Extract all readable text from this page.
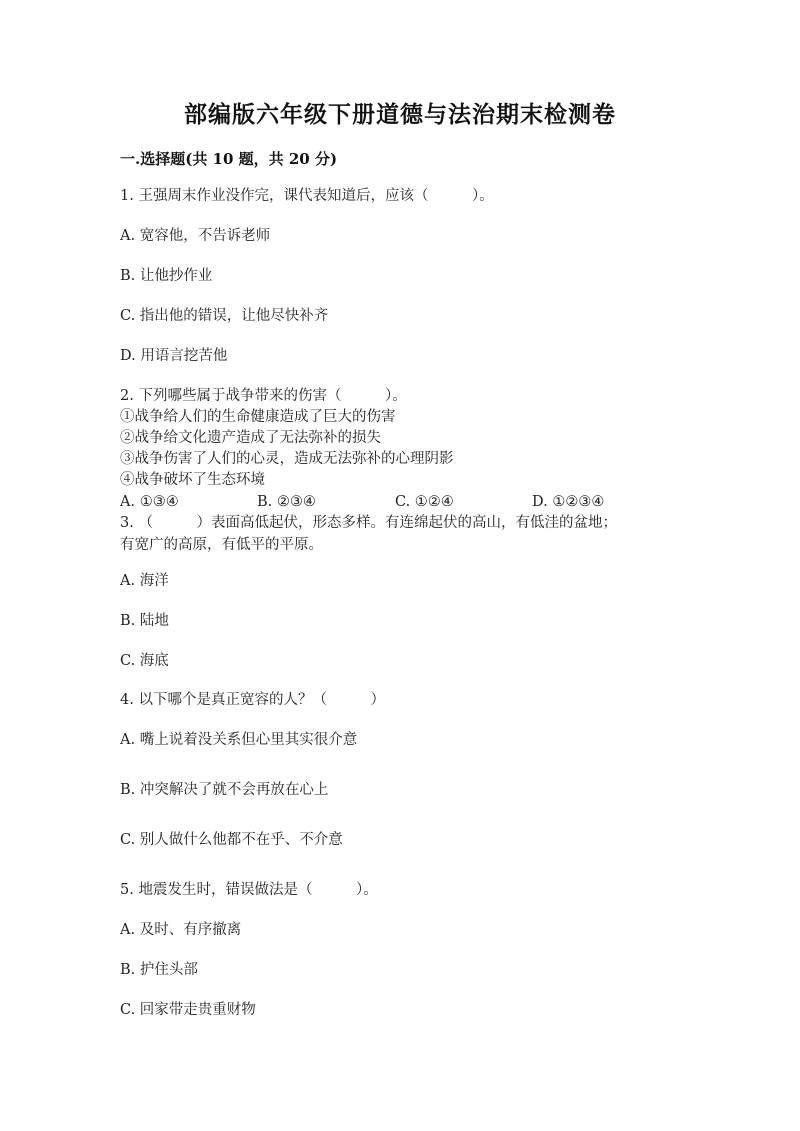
部编版六年级下册道德与法治期末检测卷
一.选择题(共 10 题，共 20 分)
1. 王强周末作业没作完，课代表知道后，应该（　　　）。
A. 宽容他，不告诉老师
B. 让他抄作业
C. 指出他的错误，让他尽快补齐
D. 用语言挖苦他
2. 下列哪些属于战争带来的伤害（　　　）。
①战争给人们的生命健康造成了巨大的伤害
②战争给文化遗产造成了无法弥补的损失
③战争伤害了人们的心灵，造成无法弥补的心理阴影
④战争破坏了生态环境
A. ①③④	B. ②③④	C. ①②④	D. ①②③④
3. （　　　）表面高低起伏，形态多样。有连绵起伏的高山，有低洼的盆地；
有宽广的高原，有低平的平原。
A. 海洋
B. 陆地
C. 海底
4. 以下哪个是真正宽容的人？（　　　）
A. 嘴上说着没关系但心里其实很介意
B. 冲突解决了就不会再放在心上
C. 别人做什么他都不在乎、不介意
5. 地震发生时，错误做法是（　　　）。
A. 及时、有序撤离
B. 护住头部
C. 回家带走贵重财物
